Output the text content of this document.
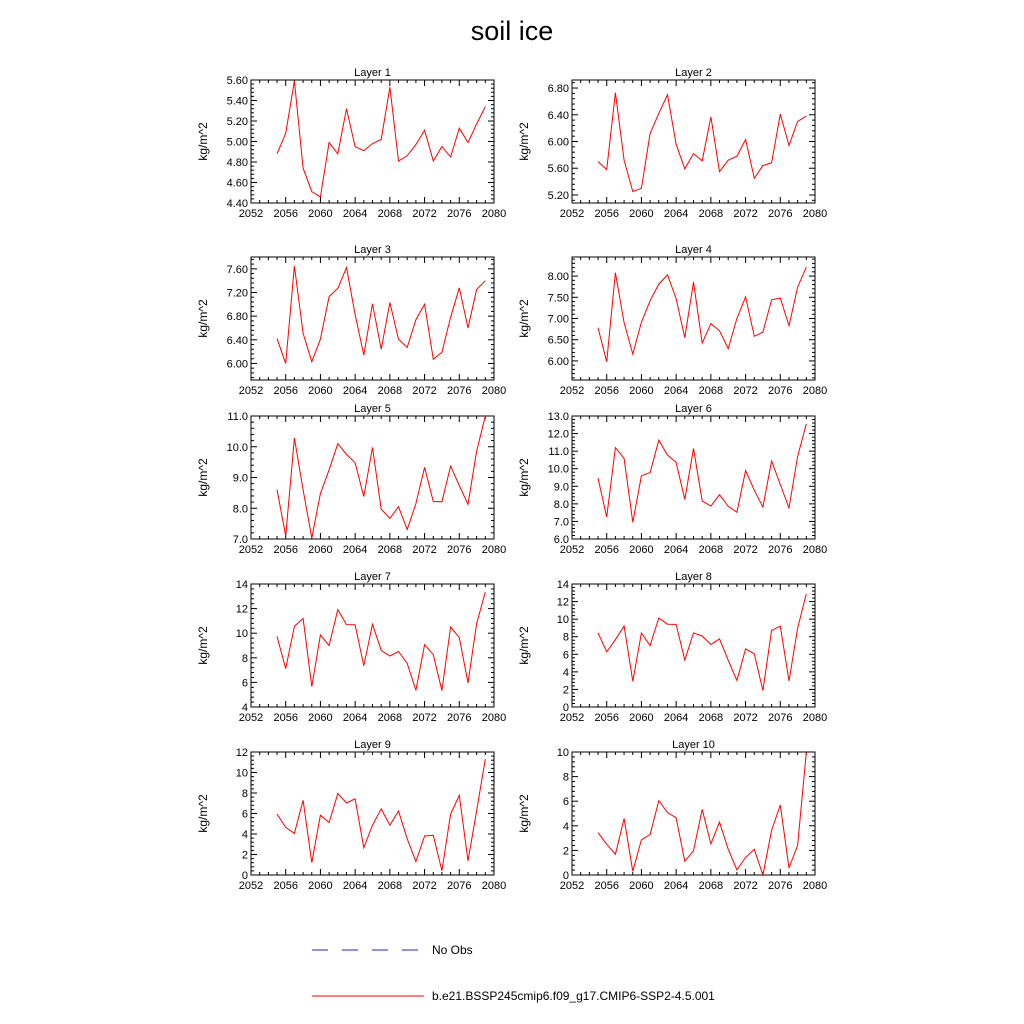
soil ice
Layer 1
kg/m^2
2052 2056 2060 2064 2068 2072 2076 2080
4.40
4.60
4.80
5.00
5.20
5.40
5.60
Layer 2
kg/m^2
2052 2056 2060 2064 2068 2072 2076 2080
5.20
5.60
6.00
6.40
6.80
Layer 3
kg/m^2
2052 2056 2060 2064 2068 2072 2076 2080
6.00
6.40
6.80
7.20
7.60
Layer 4
kg/m^2
2052 2056 2060 2064 2068 2072 2076 2080
6.00
6.50
7.00
7.50
8.00
Layer 5
kg/m^2
2052 2056 2060 2064 2068 2072 2076 2080
7.0
8.0
9.0
10.0
11.0
Layer 6
kg/m^2
2052 2056 2060 2064 2068 2072 2076 2080
6.0
7.0
8.0
9.0
10.0
11.0
12.0
13.0
Layer 7
kg/m^2
2052 2056 2060 2064 2068 2072 2076 2080
4
6
8
10
12
14
Layer 8
kg/m^2
2052 2056 2060 2064 2068 2072 2076 2080
0
2
4
6
8
10
12
14
Layer 9
kg/m^2
2052 2056 2060 2064 2068 2072 2076 2080
0
2
4
6
8
10
12
Layer 10
kg/m^2
2052 2056 2060 2064 2068 2072 2076 2080
0
2
4
6
8
10
No Obs
b.e21.BSSP245cmip6.f09_g17.CMIP6-SSP2-4.5.001
